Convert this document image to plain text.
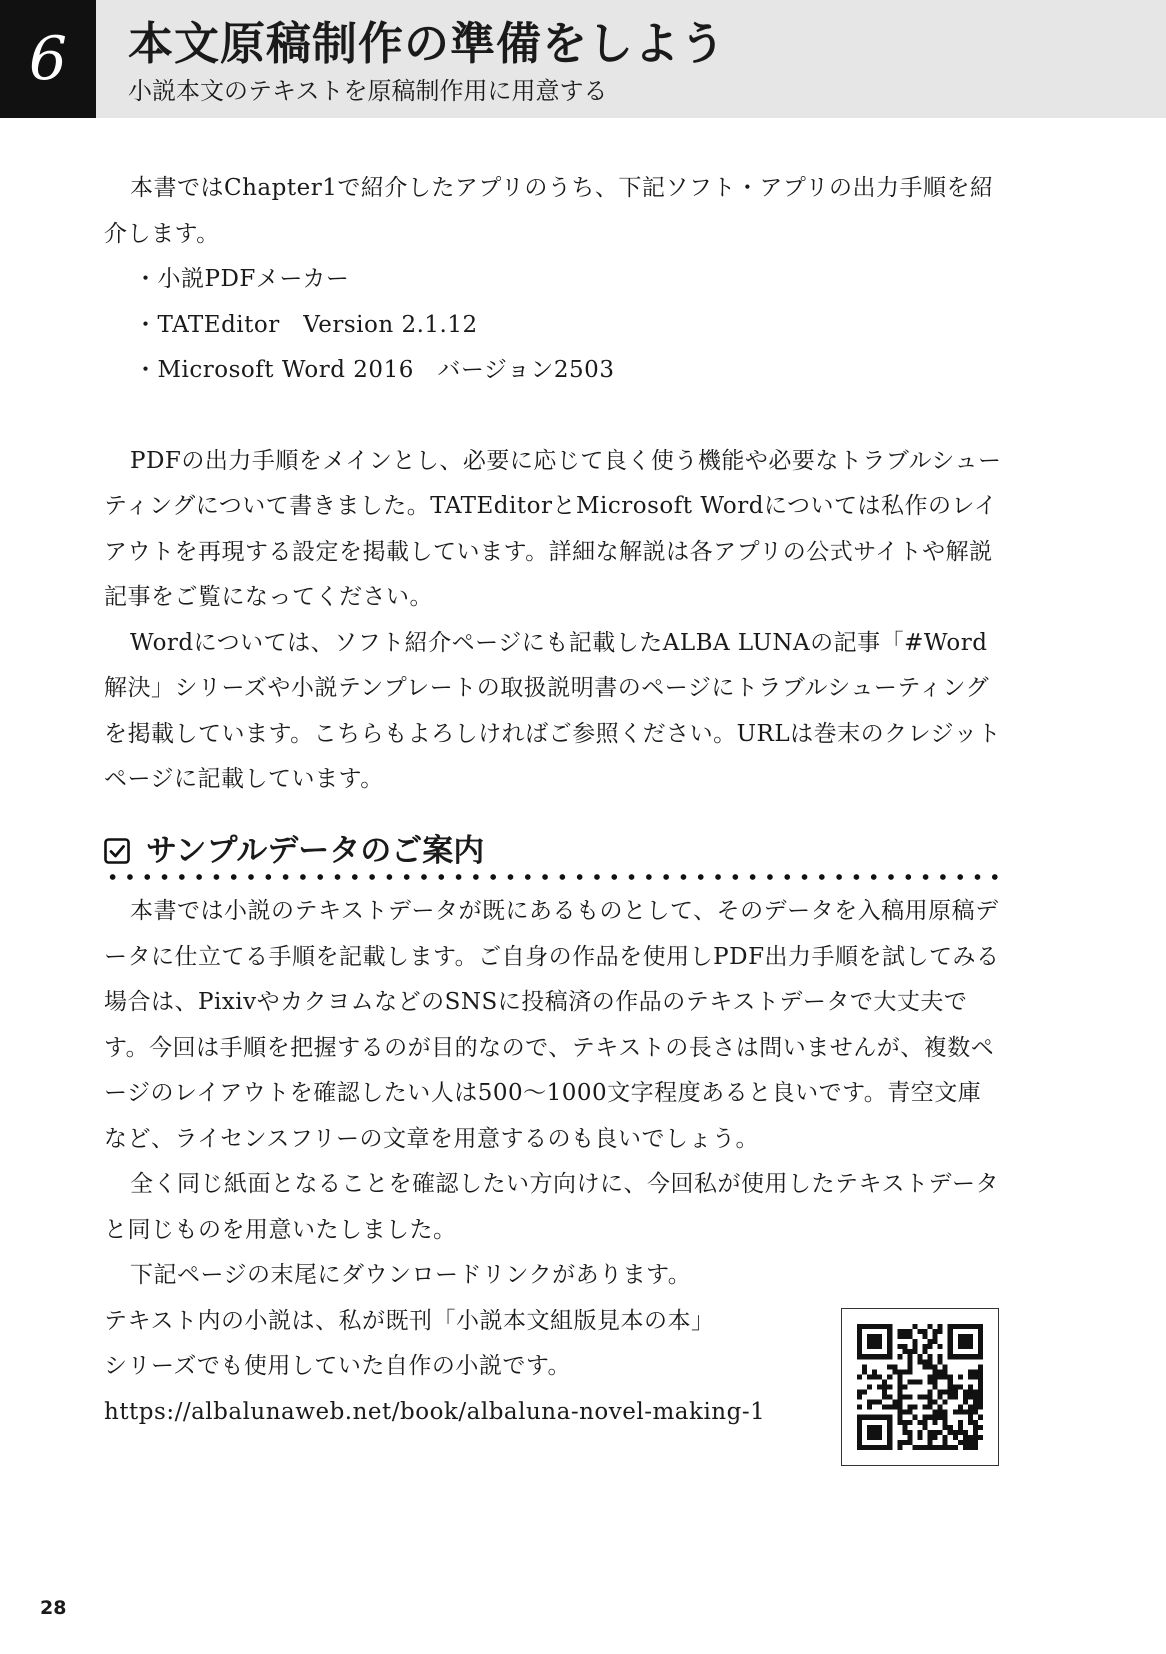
6	本文原稿制作の準備をしよう
小説本文のテキストを原稿制作用に用意する

本書ではChapter1で紹介したアプリのうち、下記ソフト・アプリの出力手順を紹介します。

・小説PDFメーカー

・TATEditor　Version 2.1.12

・Microsoft Word 2016　バージョン2503

PDFの出力手順をメインとし、必要に応じて良く使う機能や必要なトラブルシューティングについて書きました。TATEditorとMicrosoft Wordについては私作のレイアウトを再現する設定を掲載しています。詳細な解説は各アプリの公式サイトや解説記事をご覧になってください。

Wordについては、ソフト紹介ページにも記載したALBA LUNAの記事「#Word解決」シリーズや小説テンプレートの取扱説明書のページにトラブルシューティングを掲載しています。こちらもよろしければご参照ください。URLは巻末のクレジットページに記載しています。

サンプルデータのご案内

本書では小説のテキストデータが既にあるものとして、そのデータを入稿用原稿データに仕立てる手順を記載します。ご自身の作品を使用しPDF出力手順を試してみる場合は、PixivやカクヨムなどのSNSに投稿済の作品のテキストデータで大丈夫です。今回は手順を把握するのが目的なので、テキストの長さは問いませんが、複数ページのレイアウトを確認したい人は500〜1000文字程度あると良いです。青空文庫など、ライセンスフリーの文章を用意するのも良いでしょう。

全く同じ紙面となることを確認したい方向けに、今回私が使用したテキストデータと同じものを用意いたしました。

下記ページの末尾にダウンロードリンクがあります。

テキスト内の小説は、私が既刊「小説本文組版見本の本」

シリーズでも使用していた自作の小説です。

https://albalunaweb.net/book/albaluna-novel-making-1

28
